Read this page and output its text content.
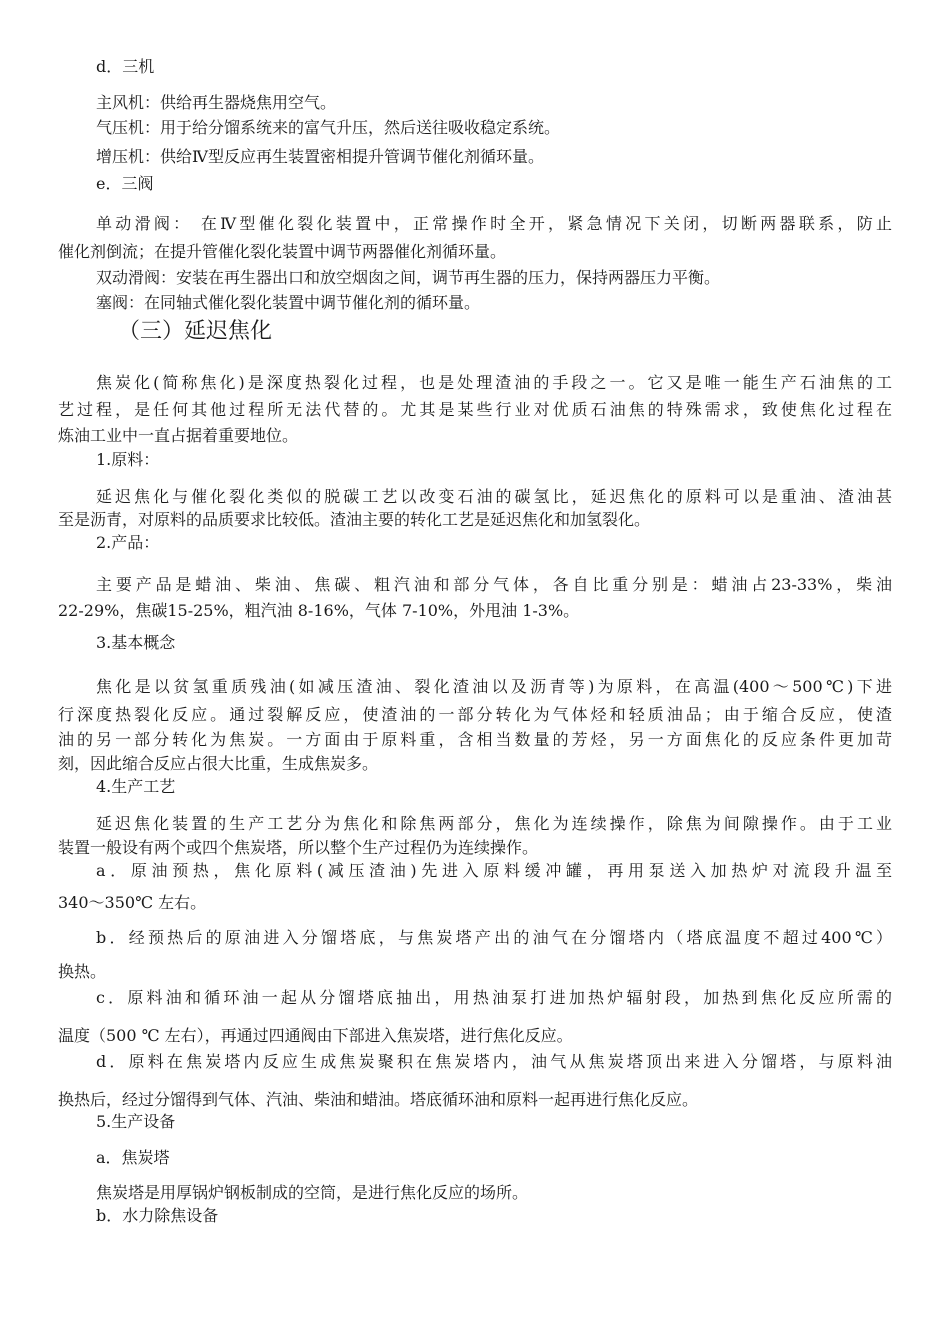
d．三机
主风机：供给再生器烧焦用空气。
气压机：用于给分馏系统来的富气升压，然后送往吸收稳定系统。
增压机：供给Ⅳ型反应再生装置密相提升管调节催化剂循环量。
e．三阀
单动滑阀： 在Ⅳ型催化裂化装置中，正常操作时全开，紧急情况下关闭，切断两器联系，防止
催化剂倒流；在提升管催化裂化装置中调节两器催化剂循环量。
双动滑阀：安装在再生器出口和放空烟囱之间，调节再生器的压力，保持两器压力平衡。
塞阀：在同轴式催化裂化装置中调节催化剂的循环量。
（三）延迟焦化
焦炭化(简称焦化)是深度热裂化过程，也是处理渣油的手段之一。它又是唯一能生产石油焦的工
艺过程，是任何其他过程所无法代替的。尤其是某些行业对优质石油焦的特殊需求，致使焦化过程在
炼油工业中一直占据着重要地位。
1.原料：
延迟焦化与催化裂化类似的脱碳工艺以改变石油的碳氢比，延迟焦化的原料可以是重油、渣油甚
至是沥青，对原料的品质要求比较低。渣油主要的转化工艺是延迟焦化和加氢裂化。
2.产品：
主要产品是蜡油、柴油、焦碳、粗汽油和部分气体，各自比重分别是：蜡油占23-33%，柴油
22-29%，焦碳15-25%，粗汽油 8-16%，气体 7-10%，外甩油 1-3%。
3.基本概念
焦化是以贫氢重质残油(如减压渣油、裂化渣油以及沥青等)为原料，在高温(400～500℃)下进
行深度热裂化反应。通过裂解反应，使渣油的一部分转化为气体烃和轻质油品；由于缩合反应，使渣
油的另一部分转化为焦炭。一方面由于原料重，含相当数量的芳烃，另一方面焦化的反应条件更加苛
刻，因此缩合反应占很大比重，生成焦炭多。
4.生产工艺
延迟焦化装置的生产工艺分为焦化和除焦两部分，焦化为连续操作，除焦为间隙操作。由于工业
装置一般设有两个或四个焦炭塔，所以整个生产过程仍为连续操作。
a．原油预热，焦化原料(减压渣油)先进入原料缓冲罐，再用泵送入加热炉对流段升温至
340～350℃ 左右。
b．经预热后的原油进入分馏塔底，与焦炭塔产出的油气在分馏塔内（塔底温度不超过400℃）
换热。
c．原料油和循环油一起从分馏塔底抽出，用热油泵打进加热炉辐射段，加热到焦化反应所需的
温度（500 ℃ 左右），再通过四通阀由下部进入焦炭塔，进行焦化反应。
d．原料在焦炭塔内反应生成焦炭聚积在焦炭塔内，油气从焦炭塔顶出来进入分馏塔，与原料油
换热后，经过分馏得到气体、汽油、柴油和蜡油。塔底循环油和原料一起再进行焦化反应。
5.生产设备
a．焦炭塔
焦炭塔是用厚锅炉钢板制成的空筒，是进行焦化反应的场所。
b．水力除焦设备
